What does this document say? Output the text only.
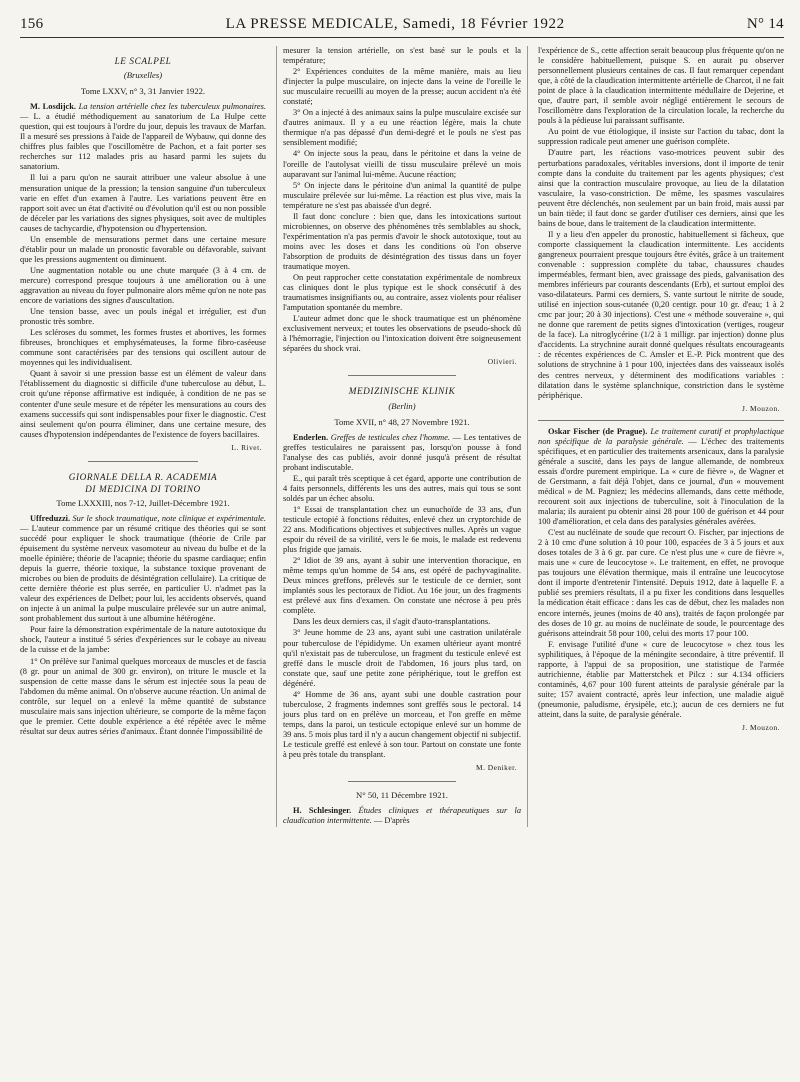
156	LA PRESSE MEDICALE, Samedi, 18 Février 1922	N° 14
LE SCALPEL
(Bruxelles)
Tome LXXV, n° 3, 31 Janvier 1922.

M. Losdijck. La tension artérielle chez les tuberculeux pulmonaires. — L. a étudié méthodiquement au sanatorium de La Hulpe cette question, qui est toujours à l'ordre du jour, depuis les travaux de Marfan. Il a mesuré ses pressions à l'aide de l'appareil de Wybauw, qui donne des chiffres plus faibles que l'oscillomètre de Pachon, et a fait porter ses recherches sur 112 malades pris au hasard parmi les sujets du sanatorium.

Il lui a paru qu'on ne saurait attribuer une valeur absolue à une mensuration unique de la pression; la tension sanguine d'un tuberculeux varie en effet d'un examen à l'autre. Les variations peuvent être en rapport soit avec un état d'activité ou d'évolution qu'il est ou non possible de déceler par les variations des signes physiques, soit avec de multiples causes de tachycardie, d'hypotension ou d'hypertension.

Un ensemble de mensurations permet dans une certaine mesure d'établir pour un malade un pronostic favorable ou défavorable, suivant que les pressions augmentent ou diminuent.

Une augmentation notable ou une chute marquée (3 à 4 cm. de mercure) correspond presque toujours à une amélioration ou à une aggravation au niveau du foyer pulmonaire alors même qu'on ne note pas encore de variations des signes d'auscultation.

Une tension basse, avec un pouls inégal et irrégulier, est d'un pronostic très sombre.

Les scléroses du sommet, les formes frustes et abortives, les formes fibreuses, bronchiques et emphysémateuses, la forme fibro-caséeuse commune sont caractérisées par des tensions qui oscillent autour de moyennes qui les individualisent.

Quant à savoir si une pression basse est un élément de valeur dans l'établissement du diagnostic si difficile d'une tuberculose au début, L. croit qu'une réponse affirmative est indiquée, à condition de ne pas se contenter d'une seule mesure et de répéter les mensurations au cours des examens successifs qui sont indispensables pour fixer le diagnostic. C'est ainsi seulement qu'on pourra éliminer, dans une certaine mesure, des causes d'hypotension indépendantes de l'existence de foyers bacillaires.

L. Rivet.
GIORNALE DELLA R. ACADEMIA
DI MEDICINA DI TORINO
Tome LXXXIII, nos 7-12, Juillet-Décembre 1921.

Uffreduzzi. Sur le shock traumatique, note clinique et expérimentale. — L'auteur commence par un résumé critique des théories qui se sont succédé pour expliquer le shock traumatique (théorie de Crile par épuisement du système nerveux vasomoteur au niveau du bulbe et de la moelle épinière; théorie de l'acapnie; théorie du spasme cardiaque; enfin depuis la guerre, théorie toxique, la substance toxique provenant de microbes ou bien de produits de désintégration cellulaire). La critique de cette dernière théorie est plus serrée, en particulier U. n'admet pas la valeur des expériences de Delbet; pour lui, les accidents observés, quand on injecte à un animal la pulpe musculaire prélevée sur un autre animal, sont probablement dus surtout à une albumine hétérogène.

Pour faire la démonstration expérimentale de la nature autotoxique du shock, l'auteur a institué 5 séries d'expériences sur le cobaye au niveau de la cuisse et de la jambe:

1° On prélève sur l'animal quelques morceaux de muscles et de fascia (8 gr. pour un animal de 300 gr. environ), on triture le muscle et la suspension de cette masse dans le sérum est injectée sous la peau de l'abdomen du même animal. On n'observe aucune réaction. Un animal de contrôle, sur lequel on a enlevé la même quantité de substance musculaire mais sans injection ultérieure, se comporte de la même façon que le premier. Cette double expérience a été répétée avec le même résultat sur deux autres séries d'animaux. Étant donnée l'impossibilité de

mesurer la tension artérielle, on s'est basé sur le pouls et la température;

2° Expériences conduites de la même manière, mais au lieu d'injecter la pulpe musculaire, on injecte dans la veine de l'oreille le suc musculaire recueilli au moyen de la presse; aucun accident n'a été constaté;

3° On a injecté à des animaux sains la pulpe musculaire excisée sur d'autres animaux. Il y a eu une réaction légère, mais la chute thermique n'a pas dépassé d'un demi-degré et le pouls ne s'est pas sensiblement modifié;

4° On injecte sous la peau, dans le péritoine et dans la veine de l'oreille de l'autolysat vieilli de tissu musculaire prélevé un mois auparavant sur l'animal lui-même. Aucune réaction;

5° On injecte dans le péritoine d'un animal la quantité de pulpe musculaire prélevée sur lui-même. La réaction est plus vive, mais la température ne s'est pas abaissée d'un degré.

Il faut donc conclure : bien que, dans les intoxications surtout microbiennes, on observe des phénomènes très semblables au shock, l'expérimentation n'a pas permis d'avoir le shock autotoxique, tout au moins avec les doses et dans les conditions où l'on observe l'absorption de produits de désintégration des tissus dans un foyer traumatique moyen.

On peut rapprocher cette constatation expérimentale de nombreux cas cliniques dont le plus typique est le shock consécutif à des traumatismes insignifiants ou, au contraire, assez violents pour réaliser l'amputation spontanée du membre.

L'auteur admet donc que le shock traumatique est un phénomène exclusivement nerveux; et toutes les observations de pseudo-shock dû à l'hémorragie, l'injection ou l'intoxication doivent être soigneusement séparées du shock vrai.

Olivieri.
MEDIZINISCHE KLINIK
(Berlin)
Tome XVII, n° 48, 27 Novembre 1921.

Enderlen. Greffes de testicules chez l'homme. — Les tentatives de greffes testiculaires ne paraissent pas, lorsqu'on pousse à fond l'analyse des cas publiés, avoir donné jusqu'à présent de résultat probant indiscutable.

E., qui paraît très sceptique à cet égard, apporte une contribution de 4 faits personnels, différents les uns des autres, mais qui tous se sont soldés par un échec absolu.

1° Essai de transplantation chez un eunuchoïde de 33 ans, d'un testicule ectopié à fonctions réduites, enlevé chez un cryptorchide de 22 ans. Modifications objectives et subjectives nulles. Après un vague espoir du réveil de sa virilité, vers le 6e mois, le malade est redevenu plus frigide que jamais.

2° Idiot de 39 ans, ayant à subir une intervention thoracique, en même temps qu'un homme de 54 ans, est opéré de pachyvaginalite. Deux minces greffons, prélevés sur le testicule de ce dernier, sont implantés sous les pectoraux de l'idiot. Au 16e jour, un des fragments est prélevé aux fins d'examen. On constate une nécrose à peu près complète.

Dans les deux derniers cas, il s'agit d'auto-transplantations.

3° Jeune homme de 23 ans, ayant subi une castration unilatérale pour tuberculose de l'épididyme. Un examen ultérieur ayant montré qu'il n'existait pas de tuberculose, un fragment du testicule enlevé est greffé dans le muscle droit de l'abdomen, 16 jours plus tard, on constate que, sauf une petite zone périphérique, tout le greffon est dégénéré.

4° Homme de 36 ans, ayant subi une double castration pour tuberculose, 2 fragments indemnes sont greffés sous le pectoral. 14 jours plus tard on en prélève un morceau, et l'on greffe en même temps, dans la paroi, un testicule ectopique enlevé sur un homme de 39 ans. 5 mois plus tard il n'y a aucun changement objectif ni subjectif. Le testicule greffé est enlevé à son tour. Partout on constate une fonte à peu près totale du transplant.

M. Deniker.
N° 50, 11 Décembre 1921.

H. Schlesinger. Études cliniques et thérapeutiques sur la claudication intermittente. — D'après

l'expérience de S., cette affection serait beaucoup plus fréquente qu'on ne le considère habituellement, puisque S. en aurait pu observer personnellement plusieurs centaines de cas. Il faut remarquer cependant que, à côté de la claudication intermittente artérielle de Charcot, il ne fait point de place à la claudication intermittente médullaire de Dejerine, et que, d'autre part, il semble avoir négligé entièrement le secours de l'oscillomètre dans l'exploration de la circulation locale, la recherche du pouls à la pédieuse lui paraissant suffisante.

Au point de vue étiologique, il insiste sur l'action du tabac, dont la suppression radicale peut amener une guérison complète.

D'autre part, les réactions vaso-motrices peuvent subir des perturbations paradoxales, véritables inversions, dont il importe de tenir compte dans la conduite du traitement par les agents physiques; c'est ainsi que la contraction musculaire provoque, au lieu de la dilatation vasculaire, la vaso-constriction. De même, les spasmes vasculaires peuvent être déclenchés, non seulement par un bain froid, mais aussi par un bain tiède; il faut donc se garder d'utiliser ces derniers, ainsi que les bains de boue, dans le traitement de la claudication intermittente.

Il y a lieu d'en appeler du pronostic, habituellement si fâcheux, que comporte classiquement la claudication intermittente. Les accidents gangreneux pourraient presque toujours être évités, grâce à un traitement convenable : suppression complète du tabac, chaussures chaudes imperméables, fermant bien, avec graissage des pieds, galvanisation des membres inférieurs par courants descendants (Erb), et surtout emploi des vaso-dilatateurs. Parmi ces derniers, S. vante surtout le nitrite de soude, utilisé en injection sous-cutanée (0,20 centigr. pour 10 gr. d'eau; 1 à 2 cmc par jour; 20 à 30 injections). C'est une « méthode souveraine », qui ne donne que rarement de petits signes d'intoxication (vertiges, rougeur de la face). La nitroglycérine (1/2 à 1 milligr. par injection) donne plus d'accidents. La strychnine aurait donné quelques résultats encourageants : de récentes expériences de C. Amsler et E.-P. Pick montrent que des solutions de strychnine à 1 pour 100, injectées dans des vaisseaux isolés des centres nerveux, y déterminent des modifications variables : dilatation dans le système splanchnique, constriction dans le système périphérique.

J. Mouzon.

Oskar Fischer (de Prague). Le traitement curatif et prophylactique non spécifique de la paralysie générale. — L'échec des traitements spécifiques, et en particulier des traitements arsenicaux, dans la paralysie générale a suscité, dans les pays de langue allemande, de nombreux essais d'ordre purement empirique. La « cure de fièvre », de Wagner et de Gerstmann, a fait déjà l'objet, dans ce journal, d'un « mouvement médical » de M. Pagniez; les médecins allemands, dans cette méthode, recourent soit aux injections de tuberculine, soit à l'inoculation de la malaria; ils auraient pu obtenir ainsi 28 pour 100 de guérison et 44 pour 100 d'amélioration, et cela dans des paralysies générales avérées.

C'est au nucléinate de soude que recourt O. Fischer, par injections de 2 à 10 cmc d'une solution à 10 pour 100, espacées de 3 à 5 jours et aux doses totales de 3 à 6 gr. par cure. Ce n'est plus une « cure de fièvre », mais une « cure de leucocytose ». Le traitement, en effet, ne provoque pas toujours une élévation thermique, mais il entraîne une leucocytose dont il importe d'entretenir l'intensité. Depuis 1912, date à laquelle F. a publié ses premiers résultats, il a pu fixer les conditions dans lesquelles la médication était efficace : dans les cas de début, chez les malades non encore internés, jeunes (moins de 40 ans), traités de façon prolongée par des doses de 10 gr. au moins de nucléinate de soude, le pourcentage des guérisons atteindrait 58 pour 100, celui des morts 17 pour 100.

F. envisage l'utilité d'une « cure de leucocytose » chez tous les syphilitiques, à l'époque de la méningite secondaire, à titre préventif. Il rapporte, à l'appui de sa proposition, une statistique de l'armée autrichienne, établie par Matterstchek et Pilcz : sur 4.134 officiers contaminés, 4,67 pour 100 furent atteints de paralysie générale par la suite; 157 avaient contracté, après leur infection, une maladie aiguë (pneumonie, paludisme, érysipèle, etc.); aucun de ces derniers ne fut atteint, dans la suite, de paralysie générale.

J. Mouzon.
